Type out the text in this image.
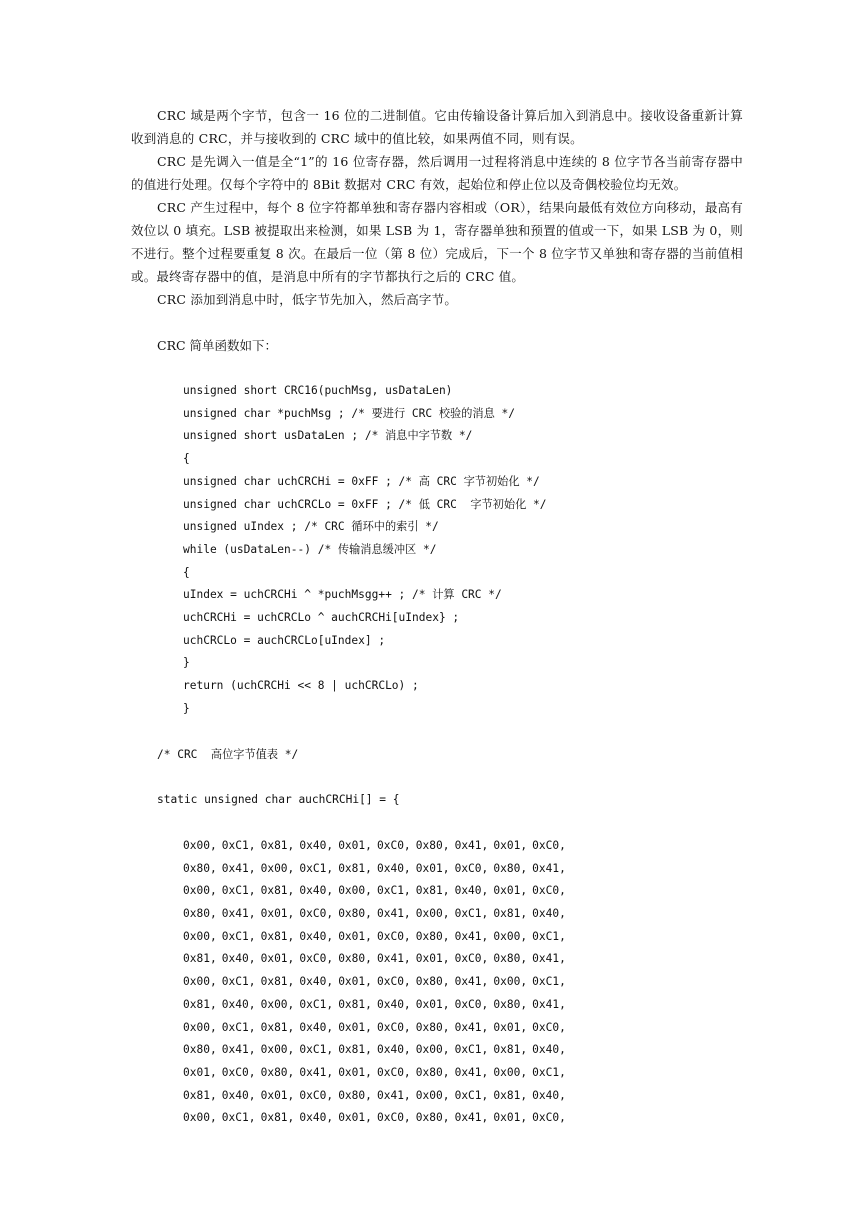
CRC 域是两个字节，包含一 16 位的二进制值。它由传输设备计算后加入到消息中。接收设备重新计算收到消息的 CRC，并与接收到的 CRC 域中的值比较，如果两值不同，则有误。

CRC 是先调入一值是全“1”的 16 位寄存器，然后调用一过程将消息中连续的 8 位字节各当前寄存器中的值进行处理。仅每个字符中的 8Bit 数据对 CRC 有效，起始位和停止位以及奇偶校验位均无效。

CRC 产生过程中，每个 8 位字符都单独和寄存器内容相或（OR），结果向最低有效位方向移动，最高有效位以 0 填充。LSB 被提取出来检测，如果 LSB 为 1，寄存器单独和预置的值或一下，如果 LSB 为 0，则不进行。整个过程要重复 8 次。在最后一位（第 8 位）完成后，下一个 8 位字节又单独和寄存器的当前值相或。最终寄存器中的值，是消息中所有的字节都执行之后的 CRC 值。

CRC 添加到消息中时，低字节先加入，然后高字节。

CRC 简单函数如下：

unsigned short CRC16(puchMsg, usDataLen)

unsigned char *puchMsg ; /* 要进行 CRC 校验的消息 */

unsigned short usDataLen ; /* 消息中字节数 */

{

unsigned char uchCRCHi = 0xFF ; /* 高 CRC 字节初始化 */

unsigned char uchCRCLo = 0xFF ; /* 低 CRC  字节初始化 */

unsigned uIndex ; /* CRC 循环中的索引 */

while (usDataLen--) /* 传输消息缓冲区 */

{

uIndex = uchCRCHi ^ *puchMsgg++ ; /* 计算 CRC */

uchCRCHi = uchCRCLo ^ auchCRCHi[uIndex} ;

uchCRCLo = auchCRCLo[uIndex] ;

}

return (uchCRCHi << 8 | uchCRCLo) ;

}

/* CRC  高位字节值表 */

static unsigned char auchCRCHi[] = {

0x00, 0xC1, 0x81, 0x40, 0x01, 0xC0, 0x80, 0x41, 0x01, 0xC0,
0x80, 0x41, 0x00, 0xC1, 0x81, 0x40, 0x01, 0xC0, 0x80, 0x41,
0x00, 0xC1, 0x81, 0x40, 0x00, 0xC1, 0x81, 0x40, 0x01, 0xC0,
0x80, 0x41, 0x01, 0xC0, 0x80, 0x41, 0x00, 0xC1, 0x81, 0x40,
0x00, 0xC1, 0x81, 0x40, 0x01, 0xC0, 0x80, 0x41, 0x00, 0xC1,
0x81, 0x40, 0x01, 0xC0, 0x80, 0x41, 0x01, 0xC0, 0x80, 0x41,
0x00, 0xC1, 0x81, 0x40, 0x01, 0xC0, 0x80, 0x41, 0x00, 0xC1,
0x81, 0x40, 0x00, 0xC1, 0x81, 0x40, 0x01, 0xC0, 0x80, 0x41,
0x00, 0xC1, 0x81, 0x40, 0x01, 0xC0, 0x80, 0x41, 0x01, 0xC0,
0x80, 0x41, 0x00, 0xC1, 0x81, 0x40, 0x00, 0xC1, 0x81, 0x40,
0x01, 0xC0, 0x80, 0x41, 0x01, 0xC0, 0x80, 0x41, 0x00, 0xC1,
0x81, 0x40, 0x01, 0xC0, 0x80, 0x41, 0x00, 0xC1, 0x81, 0x40,
0x00, 0xC1, 0x81, 0x40, 0x01, 0xC0, 0x80, 0x41, 0x01, 0xC0,
